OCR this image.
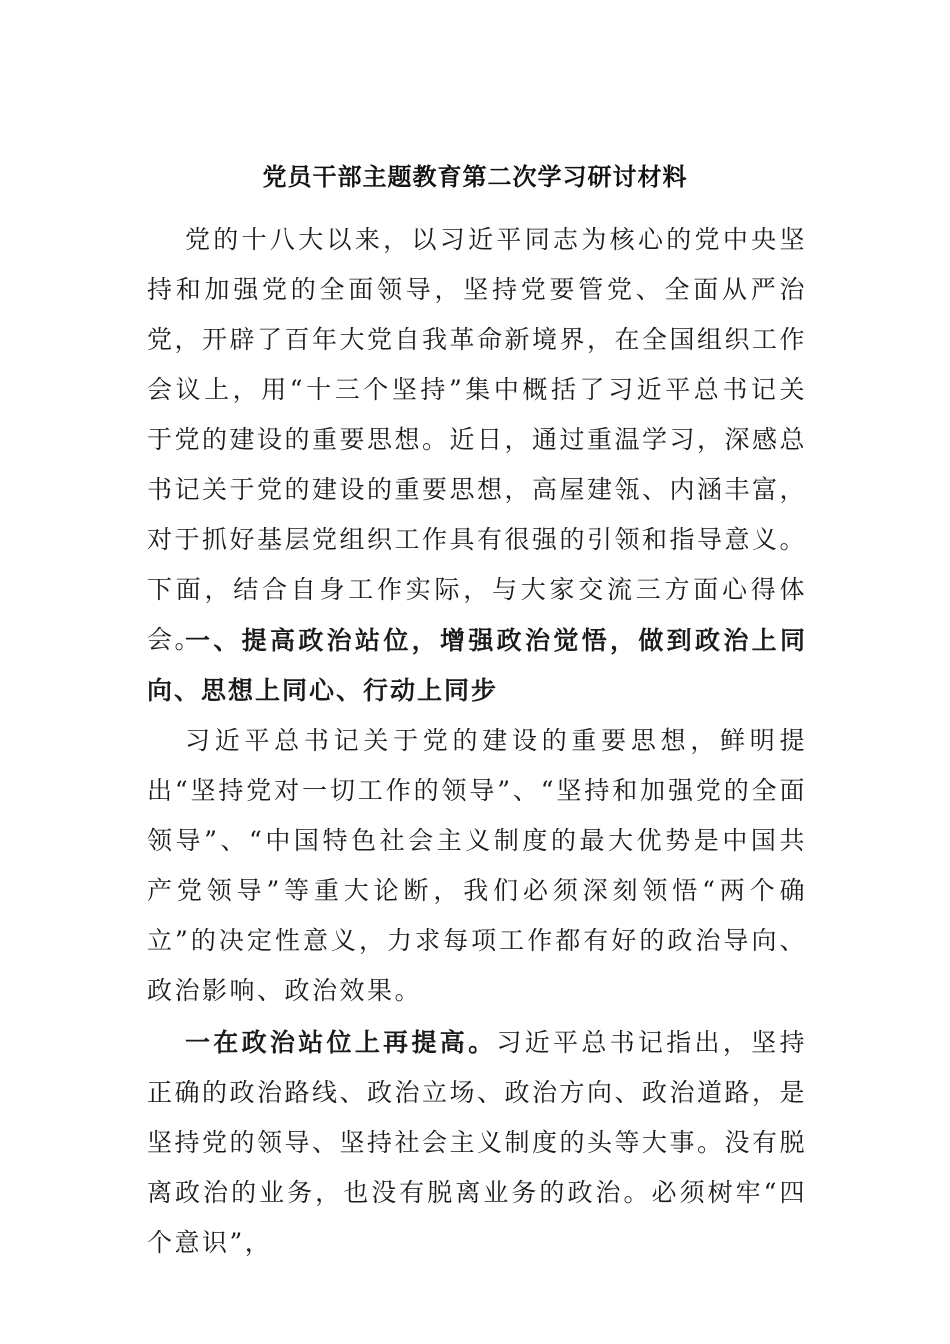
党员干部主题教育第二次学习研讨材料

党的十八大以来，以习近平同志为核心的党中央坚持和加强党的全面领导，坚持党要管党、全面从严治党，开辟了百年大党自我革命新境界，在全国组织工作会议上，用“十三个坚持”集中概括了习近平总书记关于党的建设的重要思想。近日，通过重温学习，深感总书记关于党的建设的重要思想，高屋建瓴、内涵丰富，对于抓好基层党组织工作具有很强的引领和指导意义。下面，结合自身工作实际，与大家交流三方面心得体会。

一、提高政治站位，增强政治觉悟，做到政治上同向、思想上同心、行动上同步

习近平总书记关于党的建设的重要思想，鲜明提出“坚持党对一切工作的领导”、“坚持和加强党的全面领导”、“中国特色社会主义制度的最大优势是中国共产党领导”等重大论断，我们必须深刻领悟“两个确立”的决定性意义，力求每项工作都有好的政治导向、政治影响、政治效果。

一在政治站位上再提高。习近平总书记指出，坚持正确的政治路线、政治立场、政治方向、政治道路，是坚持党的领导、坚持社会主义制度的头等大事。没有脱离政治的业务，也没有脱离业务的政治。必须树牢“四个意识”，
